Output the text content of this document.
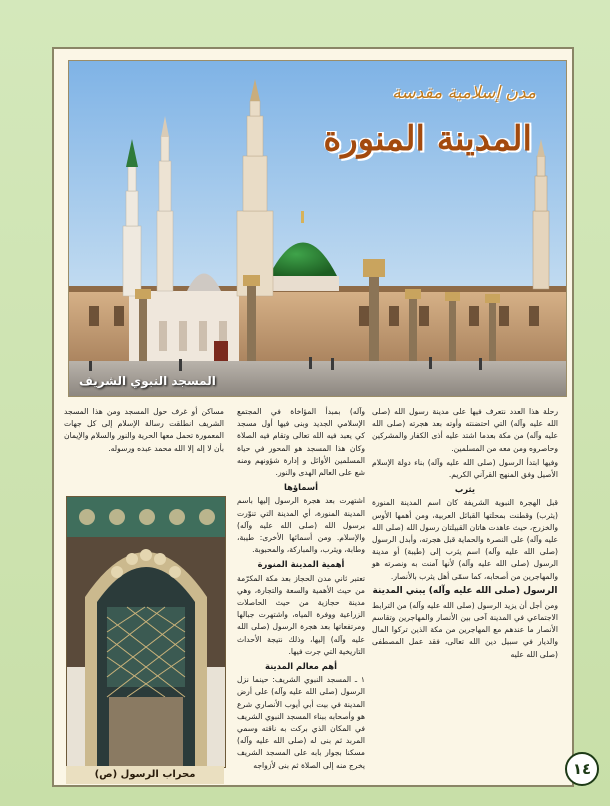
مدن إسلامية مقدسة
المدينة المنورة
المسجد النبوي الشريف

رحلة هذا العدد نتعرف فيها على مدينة رسول الله (صلى الله عليه وآله) التي احتضنته وأوته بعد هجرته (صلى الله عليه وآله) من مكة بعدما اشتد عليه أذى الكفار والمشركين وحاصروه ومن معه من المسلمين.

وفيها ابتدأ الرسول (صلى الله عليه وآله) بناء دولة الإسلام الأصيل وفق المنهج القرآني الكريم.

يثرب

قبل الهجرة النبوية الشريفة كان اسم المدينة المنورة (يثرب) وقطنت بمحلتها القبائل العربية، ومن أهمها الأوس والخزرج، حيث عاهدت هاتان القبيلتان رسول الله (صلى الله عليه وآله) على النصرة والحماية قبل هجرته، وأبدل الرسول (صلى الله عليه وآله) اسم يثرب إلى (طيبة) أو مدينة الرسول (صلى الله عليه وآله) لأنها آمنت به ونصرته هو والمهاجرين من أصحابه، كما سمّى أهل يثرب بالأنصار.

الرسول (صلى الله عليه وآله) يبني المدينة

ومن أجل أن يزيد الرسول (صلى الله عليه وآله) من الترابط الاجتماعي في المدينة آخى بين الأنصار والمهاجرين وتقاسم الأنصار ما عندهم مع المهاجرين من مكة الذين تركوا المال والديار في سبيل دين الله تعالى، فقد عمل المصطفى (صلى الله عليه

وآله) بمبدأ المؤاخاة في المجتمع الإسلامي الجديد وبنى فيها أول مسجد كي يعبد فيه الله تعالى وتقام فيه الصلاة وكان هذا المسجد هو المحور في حياة المسلمين الأوائل و إدارة شؤونهم ومنه شع على العالم الهدى والنور.

أسماؤها

اشتهرت بعد هجرة الرسول إليها باسم المدينة المنورة، أي المدينة التي تنوّرت برسول الله (صلى الله عليه وآله) والإسلام. ومن أسمائها الأخرى: طيبة، وطابة، ويثرب، والمباركة، والمحبوبة.

أهمية المدينة المنورة

تعتبر ثاني مدن الحجاز بعد مكة المكرّمة من حيث الأهمية والسعة والتجارة، وهي مدينة حجازية من حيث الحاصلات الزراعية ووفرة المياه، واشتهرت جبالها ومرتفعاتها بعد هجرة الرسول (صلى الله عليه وآله) إليها، وذلك نتيجة الأحداث التاريخية التي جرت فيها.

أهم معالم المدينة

١ ـ المسجد النبوي الشريف: حينما نزل الرسول (صلى الله عليه وآله) على أرض المدينة في بيت أبي أيوب الأنصاري شرع هو وأصحابه ببناء المسجد النبوي الشريف في المكان الذي بركت به ناقته وسمي المربد ثم بنى له (صلى الله عليه وآله) مسكنا بجوار بابه على المسجد الشريف يخرج منه إلى الصلاة ثم بنى لأزواجه

مساكن أو غرف حول المسجد ومن هذا المسجد الشريف انطلقت رسالة الإسلام إلى كل جهات المعمورة تحمل معها الحرية والنور والسلام والإيمان بأن لا إله إلا الله محمد عبده ورسوله.

محراب الرسول (ص)	١٤
